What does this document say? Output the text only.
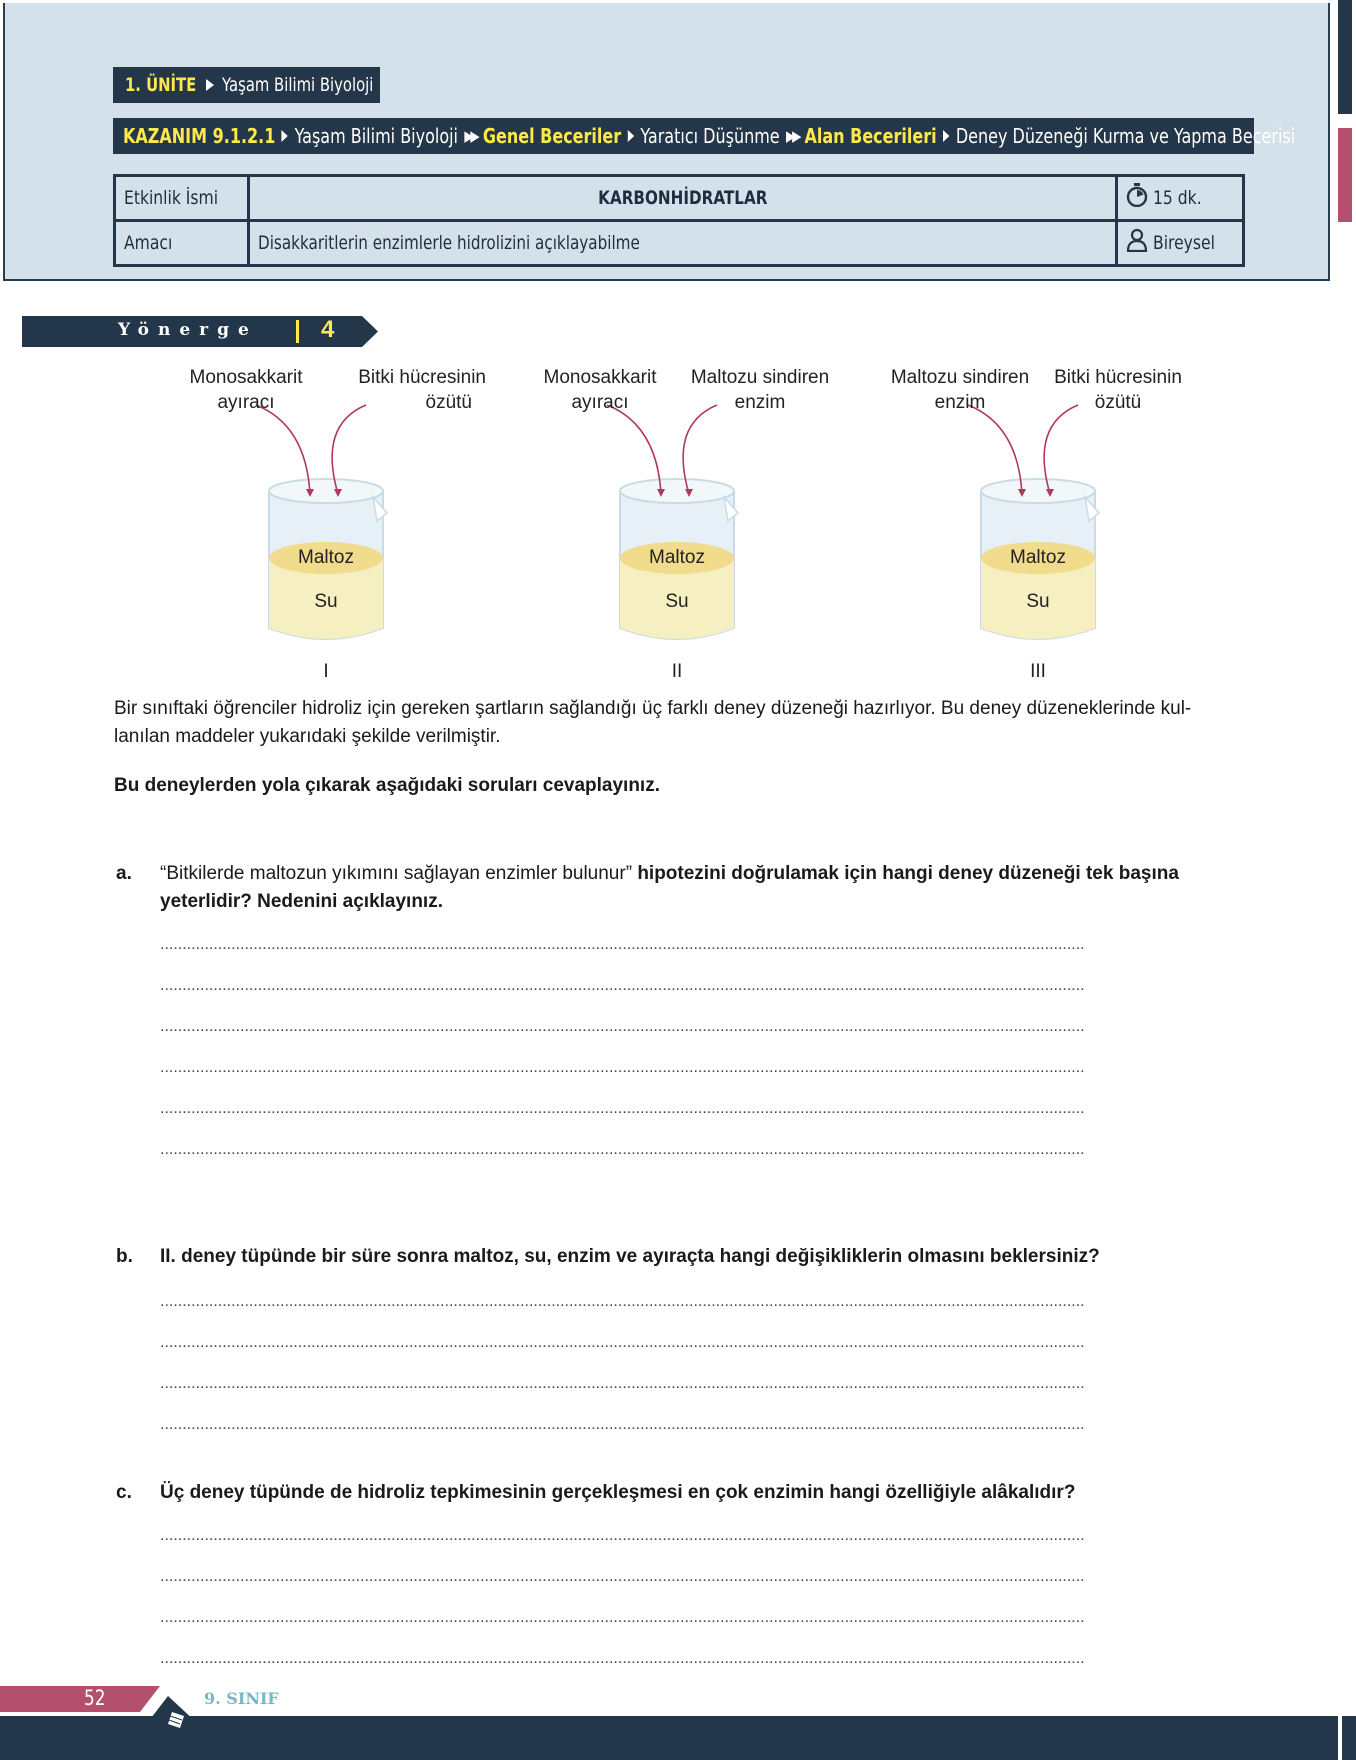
1. ÜNİTE Yaşam Bilimi Biyoloji
KAZANIM 9.1.2.1 Yaşam Bilimi Biyoloji ▶▶ Genel Beceriler Yaratıcı Düşünme ▶▶ Alan Becerileri Deney Düzeneği Kurma ve Yapma Becerisi
Etkinlik İsmi	KARBONHİDRATLAR	15 dk.
Amacı	Disakkaritlerin enzimlerle hidrolizini açıklayabilme	Bireysel
Yönerge	4
Monosakkarit
ayıracı
Bitki hücresinin
özütü
Monosakkarit
ayıracı
Maltozu sindiren
enzim
Maltozu sindiren
enzim
Bitki hücresinin
özütü
Maltoz
Su
I
Maltoz
Su
II
Maltoz
Su
III
Bir sınıftaki öğrenciler hidroliz için gereken şartların sağlandığı üç farklı deney düzeneği hazırlıyor. Bu deney düzeneklerinde kul-
lanılan maddeler yukarıdaki şekilde verilmiştir.
Bu deneylerden yola çıkarak aşağıdaki soruları cevaplayınız.
a. “Bitkilerde maltozun yıkımını sağlayan enzimler bulunur” hipotezini doğrulamak için hangi deney düzeneği tek başına
yeterlidir? Nedenini açıklayınız.
................................................................................................................................................................................................................
................................................................................................................................................................................................................
................................................................................................................................................................................................................
................................................................................................................................................................................................................
................................................................................................................................................................................................................
................................................................................................................................................................................................................
b. II. deney tüpünde bir süre sonra maltoz, su, enzim ve ayıraçta hangi değişikliklerin olmasını beklersiniz?
................................................................................................................................................................................................................
................................................................................................................................................................................................................
................................................................................................................................................................................................................
................................................................................................................................................................................................................
c. Üç deney tüpünde de hidroliz tepkimesinin gerçekleşmesi en çok enzimin hangi özelliğiyle alâkalıdır?
................................................................................................................................................................................................................
................................................................................................................................................................................................................
................................................................................................................................................................................................................
................................................................................................................................................................................................................
52	9. SINIF
